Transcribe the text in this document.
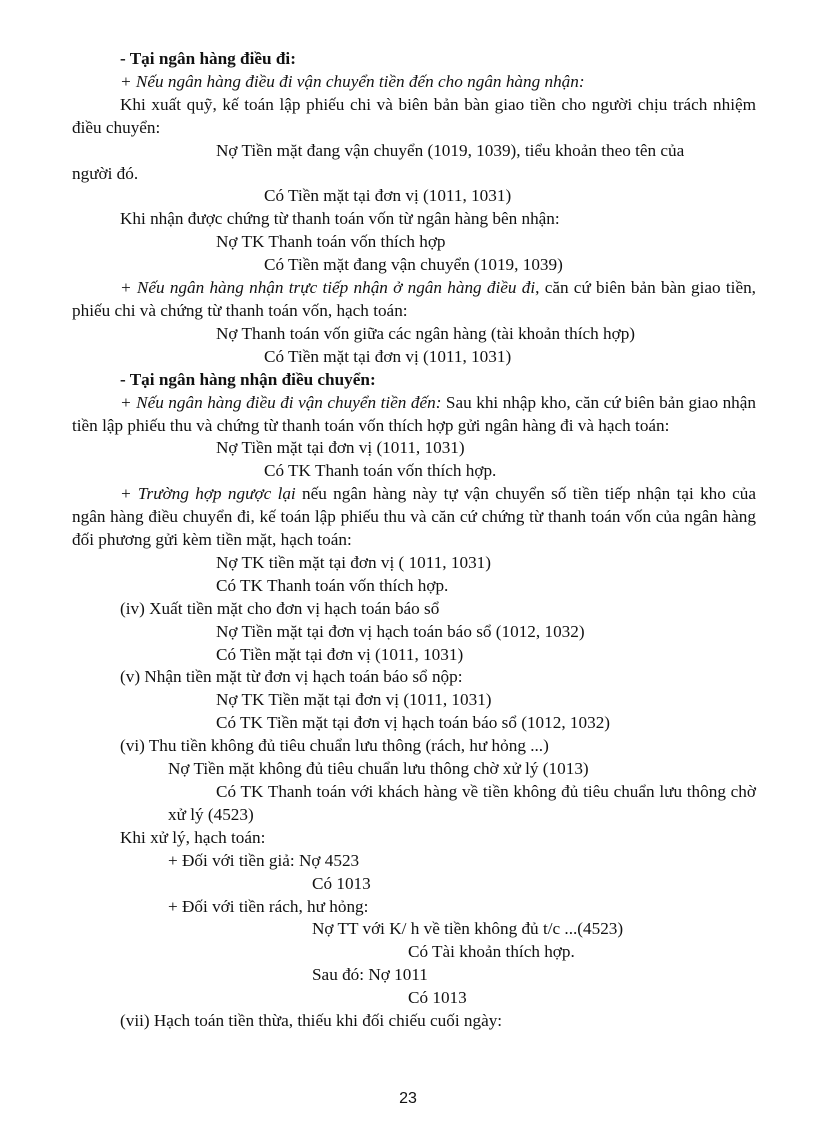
- Tại ngân hàng điều đi:

+ Nếu ngân hàng điều đi vận chuyển tiền đến cho ngân hàng nhận:

Khi xuất quỹ, kế toán lập phiếu chi và biên bản bàn giao tiền cho người chịu trách nhiệm điều chuyển:

Nợ Tiền mặt đang vận chuyển (1019, 1039), tiểu khoản theo tên của

người đó.

Có Tiền mặt tại đơn vị (1011, 1031)

Khi nhận được chứng từ thanh toán vốn từ ngân hàng bên nhận:

Nợ TK Thanh toán vốn thích hợp

Có Tiền mặt đang vận chuyển (1019, 1039)

+ Nếu ngân hàng nhận trực tiếp nhận ở ngân hàng điều đi, căn cứ biên bản bàn giao tiền, phiếu chi và chứng từ thanh toán vốn, hạch toán:

Nợ Thanh toán vốn giữa các ngân hàng (tài khoản thích hợp)

Có Tiền mặt tại đơn vị (1011, 1031)

- Tại ngân hàng nhận điều chuyển:

+ Nếu ngân hàng điều đi vận chuyển tiền đến: Sau khi nhập kho, căn cứ biên bản giao nhận tiền lập phiếu thu và chứng từ thanh toán vốn thích hợp gửi ngân hàng đi và hạch toán:

Nợ Tiền mặt tại đơn vị (1011, 1031)

Có TK Thanh toán vốn thích hợp.

+ Trường hợp ngược lại nếu ngân hàng này tự vận chuyển số tiền tiếp nhận tại kho của ngân hàng điều chuyển đi, kế toán lập phiếu thu và căn cứ chứng từ thanh toán vốn của ngân hàng đối phương gửi kèm tiền mặt, hạch toán:

Nợ TK tiền mặt tại đơn vị ( 1011, 1031)

Có TK Thanh toán vốn thích hợp.

(iv) Xuất tiền mặt cho đơn vị hạch toán báo sổ

Nợ Tiền mặt tại đơn vị hạch toán báo sổ (1012, 1032)

Có Tiền mặt tại đơn vị (1011, 1031)

(v) Nhận tiền mặt từ đơn vị hạch toán báo sổ nộp:

Nợ TK Tiền mặt tại đơn vị (1011, 1031)

Có TK Tiền mặt tại đơn vị hạch toán báo sổ (1012, 1032)

(vi) Thu tiền không đủ tiêu chuẩn lưu thông (rách, hư hỏng ...)

Nợ Tiền mặt không đủ tiêu chuẩn lưu thông chờ xử lý (1013)

Có TK Thanh toán với khách hàng về tiền không đủ tiêu chuẩn lưu thông chờ xử lý (4523)

Khi xử lý, hạch toán:

+ Đối với tiền giả: Nợ 4523

Có 1013

+ Đối với tiền rách, hư hỏng:

Nợ TT với K/ h về tiền không đủ t/c ...(4523)

Có Tài khoản thích hợp.

Sau đó: Nợ 1011

Có 1013

(vii) Hạch toán tiền thừa, thiếu khi đối chiếu cuối ngày:

23
